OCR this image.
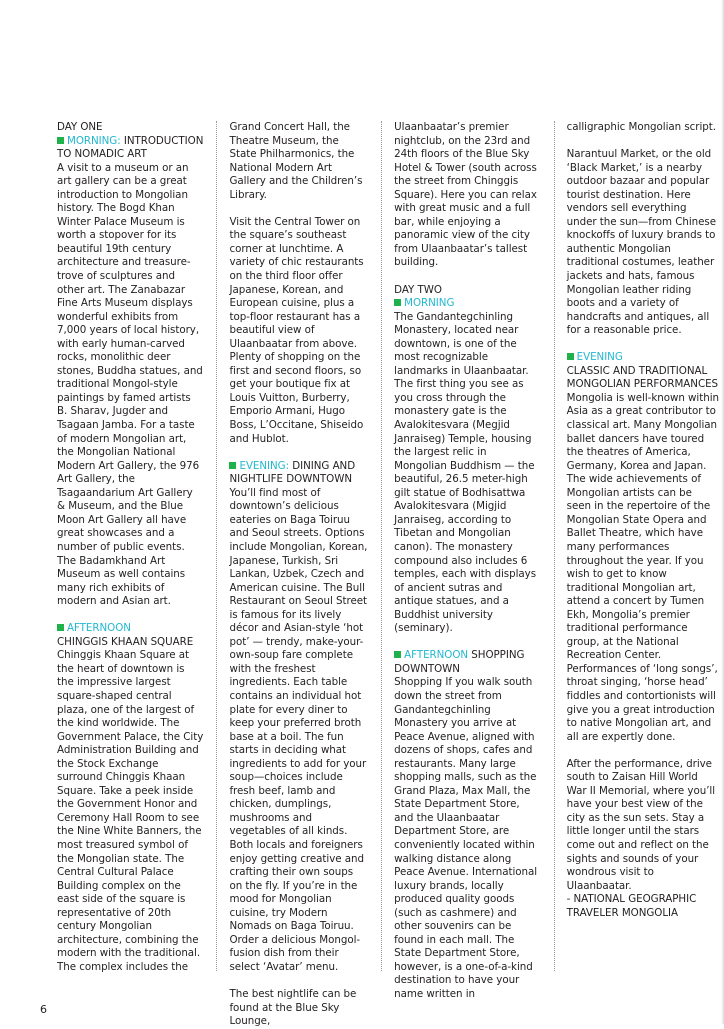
DAY ONE
MORNING: INTRODUCTION TO NOMADIC ART
A visit to a museum or an art gallery can be a great introduction to Mongolian history. The Bogd Khan Winter Palace Museum is worth a stopover for its beautiful 19th century architecture and treasure-trove of sculptures and other art. The Zanabazar Fine Arts Museum displays wonderful exhibits from 7,000 years of local history, with early human-carved rocks, monolithic deer stones, Buddha statues, and traditional Mongol-style paintings by famed artists B. Sharav, Jugder and Tsagaan Jamba. For a taste of modern Mongolian art, the Mongolian National Modern Art Gallery, the 976 Art Gallery, the Tsagaandarium Art Gallery & Museum, and the Blue Moon Art Gallery all have great showcases and a number of public events. The Badamkhand Art Museum as well contains many rich exhibits of modern and Asian art.
AFTERNOON
CHINGGIS KHAAN SQUARE
Chinggis Khaan Square at the heart of downtown is the impressive largest square-shaped central plaza, one of the largest of the kind worldwide. The Government Palace, the City Administration Building and the Stock Exchange surround Chinggis Khaan Square. Take a peek inside the Government Honor and Ceremony Hall Room to see the Nine White Banners, the most treasured symbol of the Mongolian state. The Central Cultural Palace Building complex on the east side of the square is representative of 20th century Mongolian architecture, combining the modern with the traditional. The complex includes the
Grand Concert Hall, the Theatre Museum, the State Philharmonics, the National Modern Art Gallery and the Children’s Library.
Visit the Central Tower on the square’s southeast corner at lunchtime. A variety of chic restaurants on the third floor offer Japanese, Korean, and European cuisine, plus a top-floor restaurant has a beautiful view of Ulaanbaatar from above. Plenty of shopping on the first and second floors, so get your boutique fix at Louis Vuitton, Burberry, Emporio Armani, Hugo Boss, L’Occitane, Shiseido and Hublot.
EVENING: DINING AND NIGHTLIFE DOWNTOWN
You’ll find most of downtown’s delicious eateries on Baga Toiruu and Seoul streets. Options include Mongolian, Korean, Japanese, Turkish, Sri Lankan, Uzbek, Czech and American cuisine. The Bull Restaurant on Seoul Street is famous for its lively décor and Asian-style ‘hot pot’ — trendy, make-your-own-soup fare complete with the freshest ingredients. Each table contains an individual hot plate for every diner to keep your preferred broth base at a boil. The fun starts in deciding what ingredients to add for your soup—choices include fresh beef, lamb and chicken, dumplings, mushrooms and vegetables of all kinds. Both locals and foreigners enjoy getting creative and crafting their own soups on the fly. If you’re in the mood for Mongolian cuisine, try Modern Nomads on Baga Toiruu. Order a delicious Mongol-fusion dish from their select ‘Avatar’ menu.
The best nightlife can be found at the Blue Sky Lounge,
Ulaanbaatar’s premier nightclub, on the 23rd and 24th floors of the Blue Sky Hotel & Tower (south across the street from Chinggis Square). Here you can relax with great music and a full bar, while enjoying a panoramic view of the city from Ulaanbaatar’s tallest building.
DAY TWO
MORNING
The Gandantegchinling Monastery, located near downtown, is one of the most recognizable landmarks in Ulaanbaatar. The first thing you see as you cross through the monastery gate is the Avalokitesvara (Megjid Janraiseg) Temple, housing the largest relic in Mongolian Buddhism — the beautiful, 26.5 meter-high gilt statue of Bodhisattwa Avalokitesvara (Migjid Janraiseg, according to Tibetan and Mongolian canon). The monastery compound also includes 6 temples, each with displays of ancient sutras and antique statues, and a Buddhist university (seminary).
AFTERNOON SHOPPING DOWNTOWN
Shopping If you walk south down the street from Gandantegchinling Monastery you arrive at Peace Avenue, aligned with dozens of shops, cafes and restaurants. Many large shopping malls, such as the Grand Plaza, Max Mall, the State Department Store, and the Ulaanbaatar Department Store, are conveniently located within walking distance along Peace Avenue. International luxury brands, locally produced quality goods (such as cashmere) and other souvenirs can be found in each mall. The State Department Store, however, is a one-of-a-kind destination to have your name written in
calligraphic Mongolian script.
Narantuul Market, or the old ‘Black Market,’ is a nearby outdoor bazaar and popular tourist destination. Here vendors sell everything under the sun—from Chinese knockoffs of luxury brands to authentic Mongolian traditional costumes, leather jackets and hats, famous Mongolian leather riding boots and a variety of handcrafts and antiques, all for a reasonable price.
EVENING
CLASSIC AND TRADITIONAL MONGOLIAN PERFORMANCES
Mongolia is well-known within Asia as a great contributor to classical art. Many Mongolian ballet dancers have toured the theatres of America, Germany, Korea and Japan. The wide achievements of Mongolian artists can be seen in the repertoire of the Mongolian State Opera and Ballet Theatre, which have many performances throughout the year. If you wish to get to know traditional Mongolian art, attend a concert by Tumen Ekh, Mongolia’s premier traditional performance group, at the National Recreation Center. Performances of ‘long songs’, throat singing, ‘horse head’ fiddles and contortionists will give you a great introduction to native Mongolian art, and all are expertly done.
After the performance, drive south to Zaisan Hill World War II Memorial, where you’ll have your best view of the city as the sun sets. Stay a little longer until the stars come out and reflect on the sights and sounds of your wondrous visit to Ulaanbaatar.
- NATIONAL GEOGRAPHIC TRAVELER MONGOLIA
6
